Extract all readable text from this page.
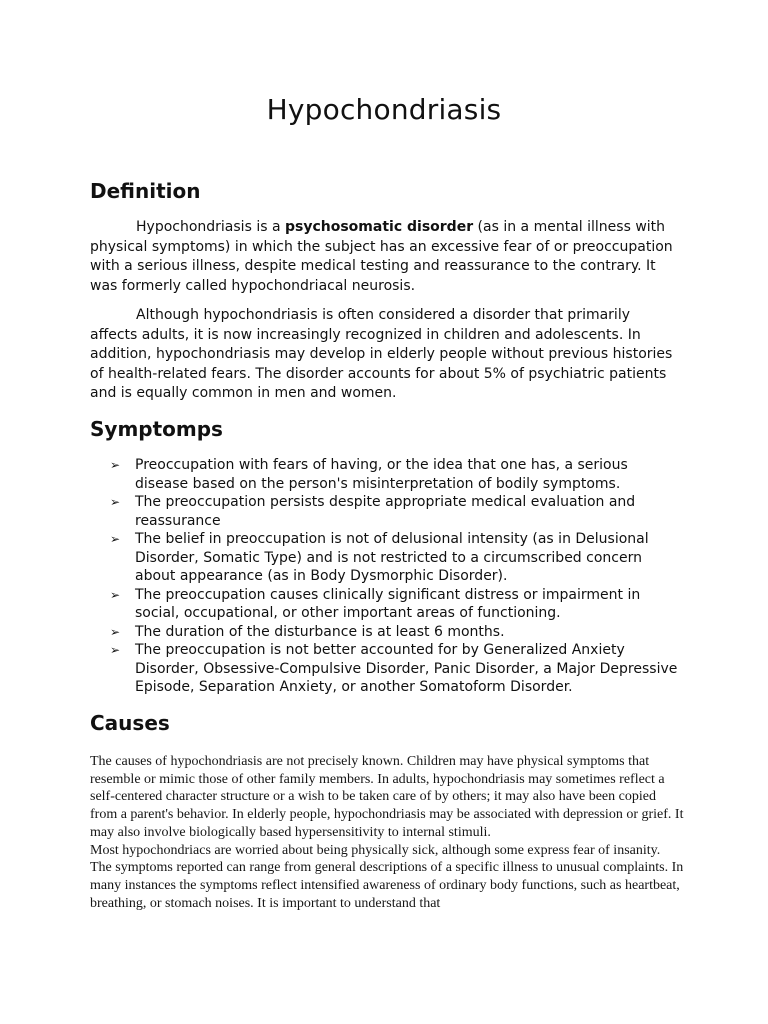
Hypochondriasis
Definition

Hypochondriasis is a psychosomatic disorder (as in a mental illness with physical symptoms) in which the subject has an excessive fear of or preoccupation with a serious illness, despite medical testing and reassurance to the contrary. It was formerly called hypochondriacal neurosis.

Although hypochondriasis is often considered a disorder that primarily affects adults, it is now increasingly recognized in children and adolescents. In addition, hypochondriasis may develop in elderly people without previous histories of health-related fears. The disorder accounts for about 5% of psychiatric patients and is equally common in men and women.

Symptomps
➢	Preoccupation with fears of having, or the idea that one has, a serious disease based on the person's misinterpretation of bodily symptoms.
➢	The preoccupation persists despite appropriate medical evaluation and reassurance
➢	The belief in preoccupation is not of delusional intensity (as in Delusional Disorder, Somatic Type) and is not restricted to a circumscribed concern about appearance (as in Body Dysmorphic Disorder).
➢	The preoccupation causes clinically significant distress or impairment in social, occupational, or other important areas of functioning.
➢	The duration of the disturbance is at least 6 months.
➢	The preoccupation is not better accounted for by Generalized Anxiety Disorder, Obsessive-Compulsive Disorder, Panic Disorder, a Major Depressive Episode, Separation Anxiety, or another Somatoform Disorder.
Causes

The causes of hypochondriasis are not precisely known. Children may have physical symptoms that resemble or mimic those of other family members. In adults, hypochondriasis may sometimes reflect a self-centered character structure or a wish to be taken care of by others; it may also have been copied from a parent's behavior. In elderly people, hypochondriasis may be associated with depression or grief. It may also involve biologically based hypersensitivity to internal stimuli.

Most hypochondriacs are worried about being physically sick, although some express fear of insanity. The symptoms reported can range from general descriptions of a specific illness to unusual complaints. In many instances the symptoms reflect intensified awareness of ordinary body functions, such as heartbeat, breathing, or stomach noises. It is important to understand that
